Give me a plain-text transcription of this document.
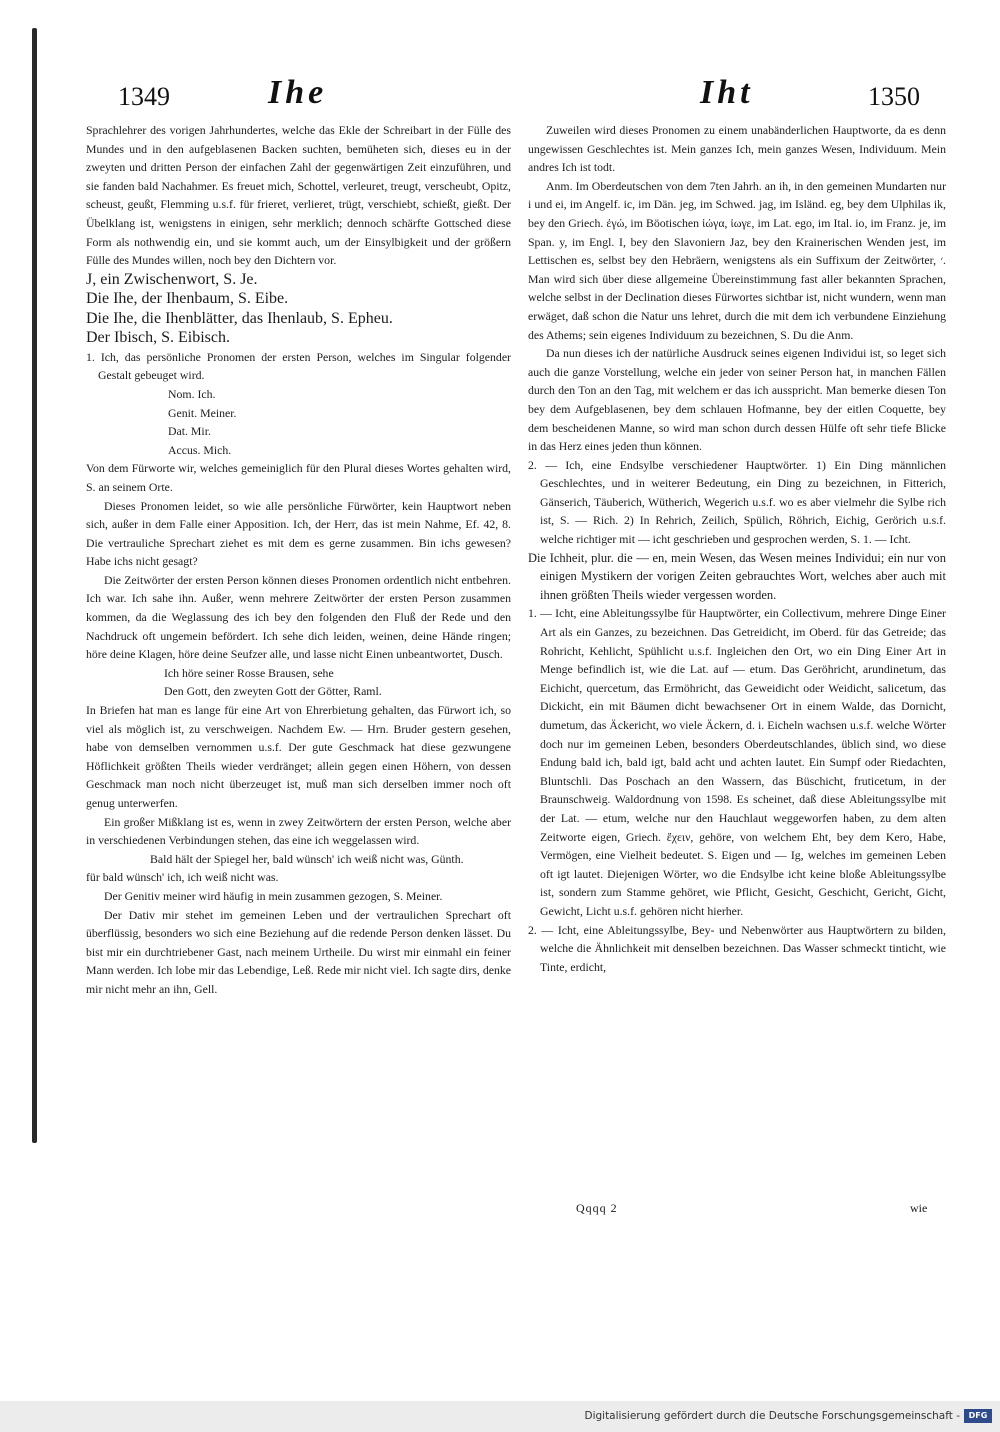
1349	Ihe	Iht	1350

Sprachlehrer des vorigen Jahrhundertes, welche das Ekle der Schreibart in der Fülle des Mundes und in den aufgeblasenen Backen suchten, bemüheten sich, dieses eu in der zweyten und dritten Person der einfachen Zahl der gegenwärtigen Zeit einzuführen, und sie fanden bald Nachahmer. Es freuet mich, Schottel, verleuret, treugt, verscheubt, Opitz, scheust, geußt, Flemming u.s.f. für frieret, verlieret, trügt, verschiebt, schießt, gießt. Der Übelklang ist, wenigstens in einigen, sehr merklich; dennoch schärfte Gottsched diese Form als nothwendig ein, und sie kommt auch, um der Einsylbigkeit und der größern Fülle des Mundes willen, noch bey den Dichtern vor.

J, ein Zwischenwort, S. Je.

Die Ihe, der Ihenbaum, S. Eibe.

Die Ihe, die Ihenblätter, das Ihenlaub, S. Epheu.

Der Ibisch, S. Eibisch.

1. Ich, das persönliche Pronomen der ersten Person, welches im Singular folgender Gestalt gebeuget wird.

Nom. Ich.

Genit. Meiner.

Dat. Mir.

Accus. Mich.

Von dem Fürworte wir, welches gemeiniglich für den Plural dieses Wortes gehalten wird, S. an seinem Orte.

Dieses Pronomen leidet, so wie alle persönliche Fürwörter, kein Hauptwort neben sich, außer in dem Falle einer Apposition. Ich, der Herr, das ist mein Nahme, Ef. 42, 8. Die vertrauliche Sprechart ziehet es mit dem es gerne zusammen. Bin ichs gewesen? Habe ichs nicht gesagt?

Die Zeitwörter der ersten Person können dieses Pronomen ordentlich nicht entbehren. Ich war. Ich sahe ihn. Außer, wenn mehrere Zeitwörter der ersten Person zusammen kommen, da die Weglassung des ich bey den folgenden den Fluß der Rede und den Nachdruck oft ungemein befördert. Ich sehe dich leiden, weinen, deine Hände ringen; höre deine Klagen, höre deine Seufzer alle, und lasse nicht Einen unbeantwortet, Dusch.

Ich höre seiner Rosse Brausen, sehe

Den Gott, den zweyten Gott der Götter, Raml.

In Briefen hat man es lange für eine Art von Ehrerbietung gehalten, das Fürwort ich, so viel als möglich ist, zu verschweigen. Nachdem Ew. — Hrn. Bruder gestern gesehen, habe von demselben vernommen u.s.f. Der gute Geschmack hat diese gezwungene Höflichkeit größten Theils wieder verdränget; allein gegen einen Höhern, von dessen Geschmack man noch nicht überzeuget ist, muß man sich derselben immer noch oft genug unterwerfen.

Ein großer Mißklang ist es, wenn in zwey Zeitwörtern der ersten Person, welche aber in verschiedenen Verbindungen stehen, das eine ich weggelassen wird.

Bald hält der Spiegel her, bald wünsch' ich weiß nicht was, Günth.

für bald wünsch' ich, ich weiß nicht was.

Der Genitiv meiner wird häufig in mein zusammen gezogen, S. Meiner.

Der Dativ mir stehet im gemeinen Leben und der vertraulichen Sprechart oft überflüssig, besonders wo sich eine Beziehung auf die redende Person denken lässet. Du bist mir ein durchtriebener Gast, nach meinem Urtheile. Du wirst mir einmahl ein feiner Mann werden. Ich lobe mir das Lebendige, Leß. Rede mir nicht viel. Ich sagte dirs, denke mir nicht mehr an ihn, Gell.

Zuweilen wird dieses Pronomen zu einem unabänderlichen Hauptworte, da es denn ungewissen Geschlechtes ist. Mein ganzes Ich, mein ganzes Wesen, Individuum. Mein andres Ich ist todt.

Anm. Im Oberdeutschen von dem 7ten Jahrh. an ih, in den gemeinen Mundarten nur i und ei, im Angelf. ic, im Dän. jeg, im Schwed. jag, im Isländ. eg, bey dem Ulphilas ik, bey den Griech. ἐγώ, im Böotischen ἱώγα, ἱωγε, im Lat. ego, im Ital. io, im Franz. je, im Span. y, im Engl. I, bey den Slavoniern Jaz, bey den Krainerischen Wenden jest, im Lettischen es, selbst bey den Hebräern, wenigstens als ein Suffixum der Zeitwörter, ׳. Man wird sich über diese allgemeine Übereinstimmung fast aller bekannten Sprachen, welche selbst in der Declination dieses Fürwortes sichtbar ist, nicht wundern, wenn man erwäget, daß schon die Natur uns lehret, durch die mit dem ich verbundene Einziehung des Athems; sein eigenes Individuum zu bezeichnen, S. Du die Anm.

Da nun dieses ich der natürliche Ausdruck seines eigenen Individui ist, so leget sich auch die ganze Vorstellung, welche ein jeder von seiner Person hat, in manchen Fällen durch den Ton an den Tag, mit welchem er das ich ausspricht. Man bemerke diesen Ton bey dem Aufgeblasenen, bey dem schlauen Hofmanne, bey der eitlen Coquette, bey dem bescheidenen Manne, so wird man schon durch dessen Hülfe oft sehr tiefe Blicke in das Herz eines jeden thun können.

2. — Ich, eine Endsylbe verschiedener Hauptwörter. 1) Ein Ding männlichen Geschlechtes, und in weiterer Bedeutung, ein Ding zu bezeichnen, in Fitterich, Gänserich, Täuberich, Wütherich, Wegerich u.s.f. wo es aber vielmehr die Sylbe rich ist, S. — Rich. 2) In Rehrich, Zeilich, Spülich, Röhrich, Eichig, Gerörich u.s.f. welche richtiger mit — icht geschrieben und gesprochen werden, S. 1. — Icht.

Die Ichheit, plur. die — en, mein Wesen, das Wesen meines Individui; ein nur von einigen Mystikern der vorigen Zeiten gebrauchtes Wort, welches aber auch mit ihnen größten Theils wieder vergessen worden.

1. — Icht, eine Ableitungssylbe für Hauptwörter, ein Collectivum, mehrere Dinge Einer Art als ein Ganzes, zu bezeichnen. Das Getreidicht, im Oberd. für das Getreide; das Rohricht, Kehlicht, Spühlicht u.s.f. Ingleichen den Ort, wo ein Ding Einer Art in Menge befindlich ist, wie die Lat. auf — etum. Das Geröhricht, arundinetum, das Eichicht, quercetum, das Ermöhricht, das Geweidicht oder Weidicht, salicetum, das Dickicht, ein mit Bäumen dicht bewachsener Ort in einem Walde, das Dornicht, dumetum, das Äckericht, wo viele Äckern, d. i. Eicheln wachsen u.s.f. welche Wörter doch nur im gemeinen Leben, besonders Oberdeutschlandes, üblich sind, wo diese Endung bald ich, bald igt, bald acht und achten lautet. Ein Sumpf oder Riedachten, Bluntschli. Das Poschach an den Wassern, das Büschicht, fruticetum, in der Braunschweig. Waldordnung von 1598. Es scheinet, daß diese Ableitungssylbe mit der Lat. — etum, welche nur den Hauchlaut weggeworfen haben, zu dem alten Zeitworte eigen, Griech. ἔχειν, gehöre, von welchem Eht, bey dem Kero, Habe, Vermögen, eine Vielheit bedeutet. S. Eigen und — Ig, welches im gemeinen Leben oft igt lautet. Diejenigen Wörter, wo die Endsylbe icht keine bloße Ableitungssylbe ist, sondern zum Stamme gehöret, wie Pflicht, Gesicht, Geschicht, Gericht, Gicht, Gewicht, Licht u.s.f. gehören nicht hierher.

2. — Icht, eine Ableitungssylbe, Bey- und Nebenwörter aus Hauptwörtern zu bilden, welche die Ähnlichkeit mit denselben bezeichnen. Das Wasser schmeckt tinticht, wie Tinte, erdicht,

Qqqq 2	wie
Digitalisierung gefördert durch die Deutsche Forschungsgemeinschaft -	DFG
